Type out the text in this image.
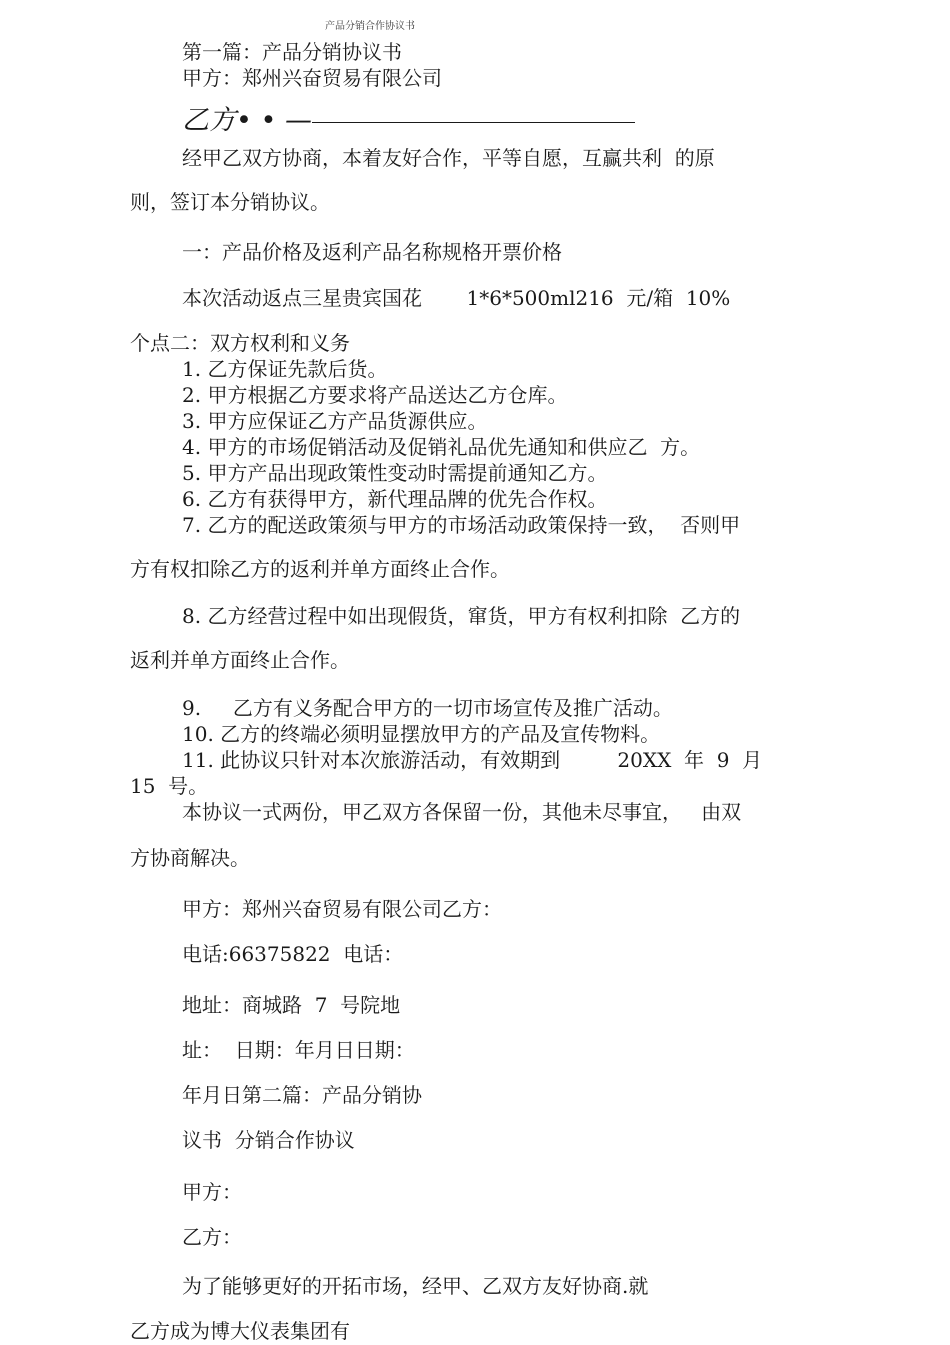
产品分销合作协议书
第一篇：产品分销协议书
甲方：郑州兴奋贸易有限公司
乙方• • —
经甲乙双方协商，本着友好合作，平等自愿，互赢共利  的原
则，签订本分销协议。
一：产品价格及返利产品名称规格开票价格
本次活动返点三星贵宾国花       1*6*500ml216  元/箱  10%
个点二：双方权利和义务
1. 乙方保证先款后货。
2. 甲方根据乙方要求将产品送达乙方仓库。
3. 甲方应保证乙方产品货源供应。
4. 甲方的市场促销活动及促销礼品优先通知和供应乙  方。
5. 甲方产品出现政策性变动时需提前通知乙方。
6. 乙方有获得甲方，新代理品牌的优先合作权。
7. 乙方的配送政策须与甲方的市场活动政策保持一致，  否则甲
方有权扣除乙方的返利并单方面终止合作。
8. 乙方经营过程中如出现假货，窜货，甲方有权利扣除  乙方的
返利并单方面终止合作。
9.     乙方有义务配合甲方的一切市场宣传及推广活动。
10. 乙方的终端必须明显摆放甲方的产品及宣传物料。
11. 此协议只针对本次旅游活动，有效期到         20XX  年  9  月
15  号。
本协议一式两份，甲乙双方各保留一份，其他未尽事宜，   由双
方协商解决。
甲方：郑州兴奋贸易有限公司乙方：
电话:66375822  电话：
地址：商城路  7  号院地
址：  日期：年月日日期：
年月日第二篇：产品分销协
议书  分销合作协议
甲方：
乙方：
为了能够更好的开拓市场，经甲、乙双方友好协商.就
乙方成为博大仪表集团有
